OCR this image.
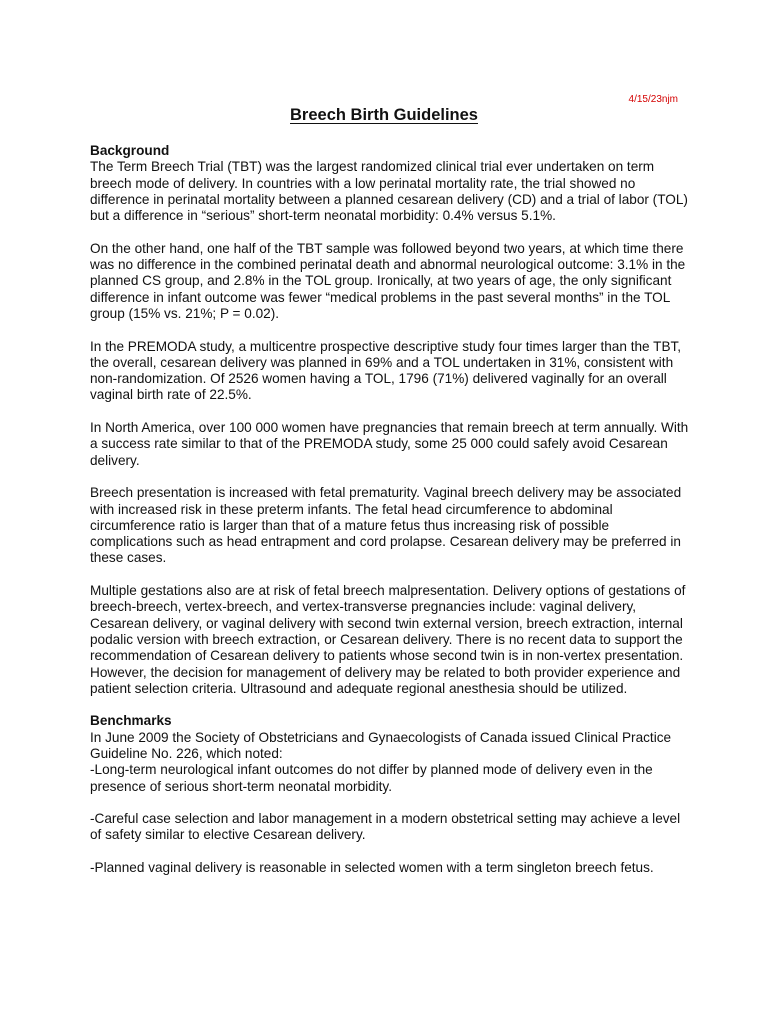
4/15/23njm
Breech Birth Guidelines
Background

The Term Breech Trial (TBT) was the largest randomized clinical trial ever undertaken on term breech mode of delivery. In countries with a low perinatal mortality rate, the trial showed no difference in perinatal mortality between a planned cesarean delivery (CD) and a trial of labor (TOL) but a difference in “serious” short-term neonatal morbidity: 0.4% versus 5.1%.

On the other hand, one half of the TBT sample was followed beyond two years, at which time there was no difference in the combined perinatal death and abnormal neurological outcome: 3.1% in the planned CS group, and 2.8% in the TOL group. Ironically, at two years of age, the only significant difference in infant outcome was fewer “medical problems in the past several months” in the TOL group (15% vs. 21%; P = 0.02).

In the PREMODA study, a multicentre prospective descriptive study four times larger than the TBT, the overall, cesarean delivery was planned in 69% and a TOL undertaken in 31%, consistent with non-randomization. Of 2526 women having a TOL, 1796 (71%) delivered vaginally for an overall vaginal birth rate of 22.5%.

In North America, over 100 000 women have pregnancies that remain breech at term annually. With a success rate similar to that of the PREMODA study, some 25 000 could safely avoid Cesarean delivery.

Breech presentation is increased with fetal prematurity. Vaginal breech delivery may be associated with increased risk in these preterm infants. The fetal head circumference to abdominal circumference ratio is larger than that of a mature fetus thus increasing risk of possible complications such as head entrapment and cord prolapse. Cesarean delivery may be preferred in these cases.

Multiple gestations also are at risk of fetal breech malpresentation. Delivery options of gestations of breech-breech, vertex-breech, and vertex-transverse pregnancies include: vaginal delivery, Cesarean delivery, or vaginal delivery with second twin external version, breech extraction, internal podalic version with breech extraction, or Cesarean delivery. There is no recent data to support the recommendation of Cesarean delivery to patients whose second twin is in non-vertex presentation. However, the decision for management of delivery may be related to both provider experience and patient selection criteria. Ultrasound and adequate regional anesthesia should be utilized.

Benchmarks

In June 2009 the Society of Obstetricians and Gynaecologists of Canada issued Clinical Practice Guideline No. 226, which noted:

-Long-term neurological infant outcomes do not differ by planned mode of delivery even in the presence of serious short-term neonatal morbidity.

-Careful case selection and labor management in a modern obstetrical setting may achieve a level of safety similar to elective Cesarean delivery.

-Planned vaginal delivery is reasonable in selected women with a term singleton breech fetus.
